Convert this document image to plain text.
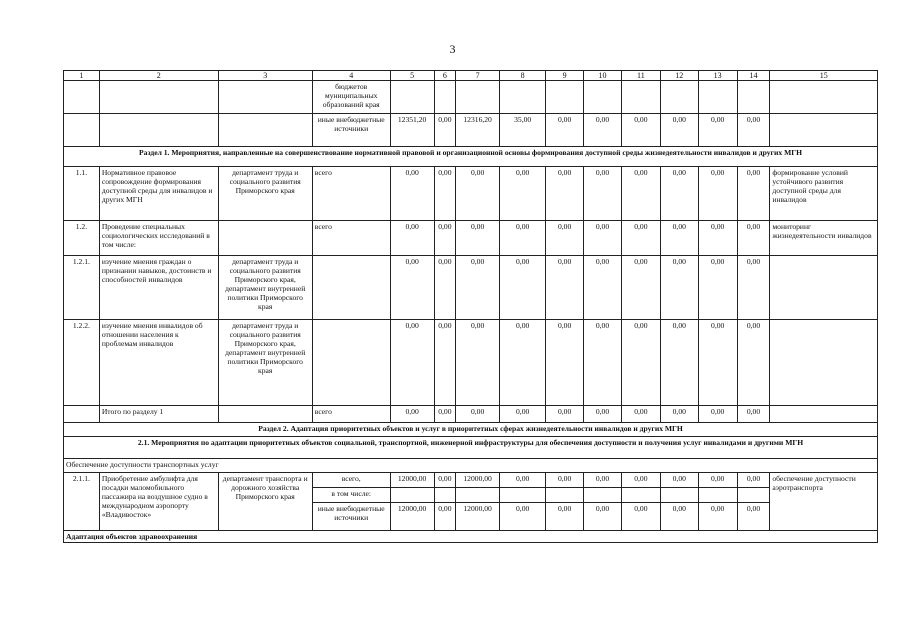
3
1	2	3	4	5	6	7	8	9	10	11	12	13	14	15
			бюджетов муниципальных образований края											
			иные внебюджетные источники	12351,20	0,00	12316,20	35,00	0,00	0,00	0,00	0,00	0,00	0,00	
Раздел 1. Мероприятия, направленные на совершенствование нормативной правовой и организационной основы формирования доступной среды жизнедеятельности инвалидов и других МГН														
1.1.	Нормативное правовое сопровождение формирования доступной среды для инвалидов и других МГН	департамент труда и социального развития Приморского края	всего	0,00	0,00	0,00	0,00	0,00	0,00	0,00	0,00	0,00	0,00	формирование условий устойчивого развития доступной среды для инвалидов
1.2.	Проведение специальных социологических исследований в том числе:		всего	0,00	0,00	0,00	0,00	0,00	0,00	0,00	0,00	0,00	0,00	мониторинг жизнедеятельности инвалидов
1.2.1.	изучение мнения граждан о признании навыков, достоинств и способностей инвалидов	департамент труда и социального развития Приморского края, департамент внутренней политики Приморского края		0,00	0,00	0,00	0,00	0,00	0,00	0,00	0,00	0,00	0,00	
1.2.2.	изучение мнения инвалидов об отношении населения к проблемам инвалидов	департамент труда и социального развития Приморского края, департамент внутренней политики Приморского края		0,00	0,00	0,00	0,00	0,00	0,00	0,00	0,00	0,00	0,00	
	Итого по разделу 1		всего	0,00	0,00	0,00	0,00	0,00	0,00	0,00	0,00	0,00	0,00	
Раздел 2. Адаптация приоритетных объектов и услуг в приоритетных сферах жизнедеятельности инвалидов и других МГН														
2.1. Мероприятия по адаптации приоритетных объектов социальной, транспортной, инженерной инфраструктуры для обеспечения доступности и получения услуг инвалидами и другими МГН														
Обеспечение доступности транспортных услуг														
2.1.1.	Приобретение амбулифта для посадки маломобильного пассажира на воздушное судно в международном аэропорту «Владивосток»	департамент транспорта и дорожного хозяйства Приморского края	всего,	12000,00	0,00	12000,00	0,00	0,00	0,00	0,00	0,00	0,00	0,00	обеспечение доступности аэротранспорта
			в том числе:											
			иные внебюджетные источники	12000,00	0,00	12000,00	0,00	0,00	0,00	0,00	0,00	0,00	0,00	
Адаптация объектов здравоохранения														
